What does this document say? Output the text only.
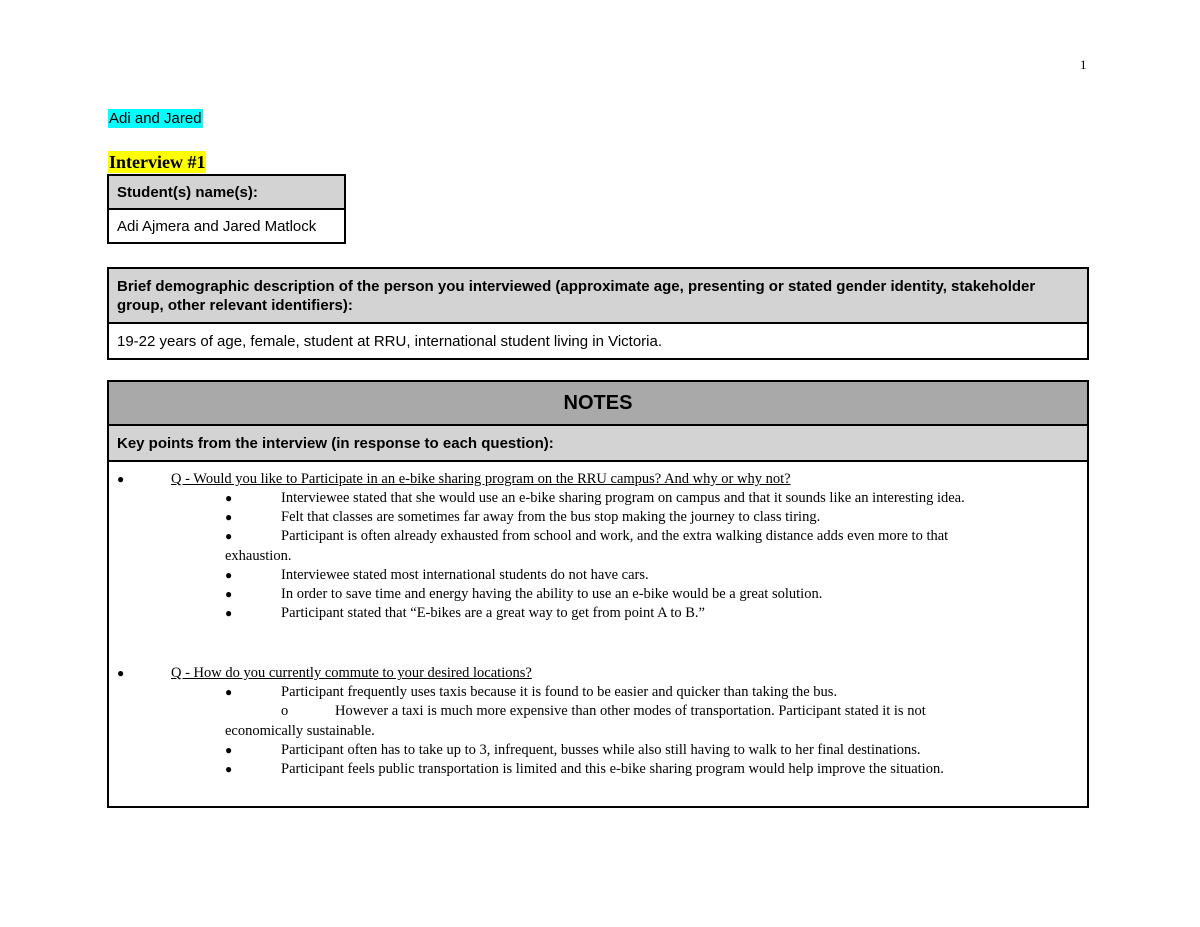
1
Adi and Jared
Interview #1
Student(s) name(s):
Adi Ajmera and Jared Matlock
Brief demographic description of the person you interviewed (approximate age, presenting or stated gender identity, stakeholder group, other relevant identifiers):
19-22 years of age, female, student at RRU, international student living in Victoria.
NOTES
Key points from the interview (in response to each question):

●	Q - Would you like to Participate in an e-bike sharing program on the RRU campus? And why or why not?
●	Interviewee stated that she would use an e-bike sharing program on campus and that it sounds like an interesting idea.
●	Felt that classes are sometimes far away from the bus stop making the journey to class tiring.
●	Participant is often already exhausted from school and work, and the extra walking distance adds even more to that
exhaustion.
●	Interviewee stated most international students do not have cars.
●	In order to save time and energy having the ability to use an e-bike would be a great solution.
●	Participant stated that “E-bikes are a great way to get from point A to B.”
●	Q - How do you currently commute to your desired locations?
●	Participant frequently uses taxis because it is found to be easier and quicker than taking the bus.
o	However a taxi is much more expensive than other modes of transportation. Participant stated it is not
economically sustainable.
●	Participant often has to take up to 3, infrequent, busses while also still having to walk to her final destinations.
●	Participant feels public transportation is limited and this e-bike sharing program would help improve the situation.
